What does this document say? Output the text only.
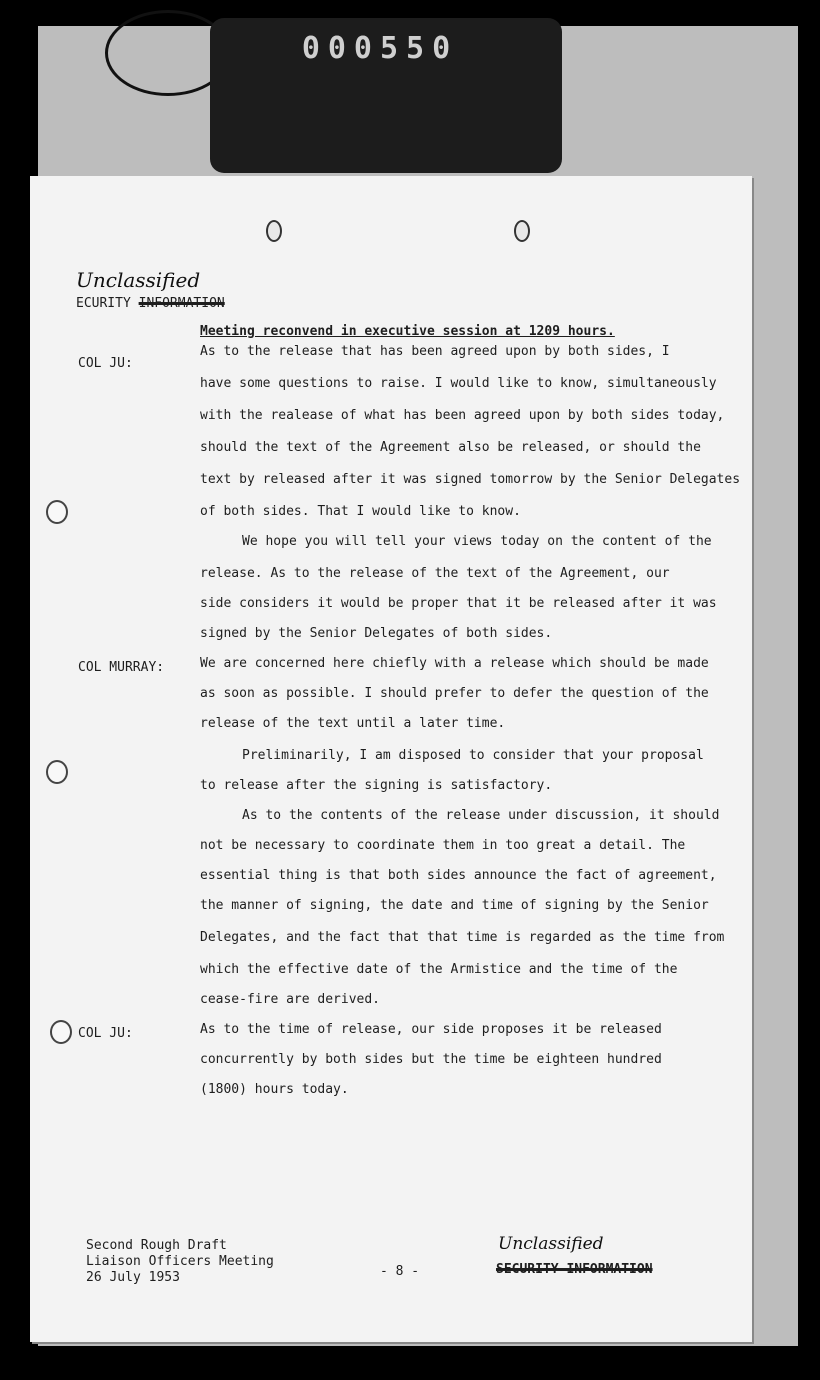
000550
Unclassified
ECURITY INFORMATION
Meeting reconvend in executive session at 1209 hours.
COL JU:
As to the release that has been agreed upon by both sides, I
have some questions to raise. I would like to know, simultaneously
with the realease of what has been agreed upon by both sides today,
should the text of the Agreement also be released, or should the
text by released after it was signed tomorrow by the Senior Delegates
of both sides. That I would like to know.
We hope you will tell your views today on the content of the
release. As to the release of the text of the Agreement, our
side considers it would be proper that it be released after it was
signed by the Senior Delegates of both sides.
COL MURRAY:	We are concerned here chiefly with a release which should be made
as soon as possible. I should prefer to defer the question of the
release of the text until a later time.
Preliminarily, I am disposed to consider that your proposal
to release after the signing is satisfactory.
As to the contents of the release under discussion, it should
not be necessary to coordinate them in too great a detail. The
essential thing is that both sides announce the fact of agreement,
the manner of signing, the date and time of signing by the Senior
Delegates, and the fact that that time is regarded as the time from
which the effective date of the Armistice and the time of the
cease-fire are derived.
COL JU:	As to the time of release, our side proposes it be released
concurrently by both sides but the time be eighteen hundred
(1800) hours today.
Second Rough Draft
Liaison Officers Meeting
26 July 1953	- 8 -
Unclassified
SECURITY INFORMATION
